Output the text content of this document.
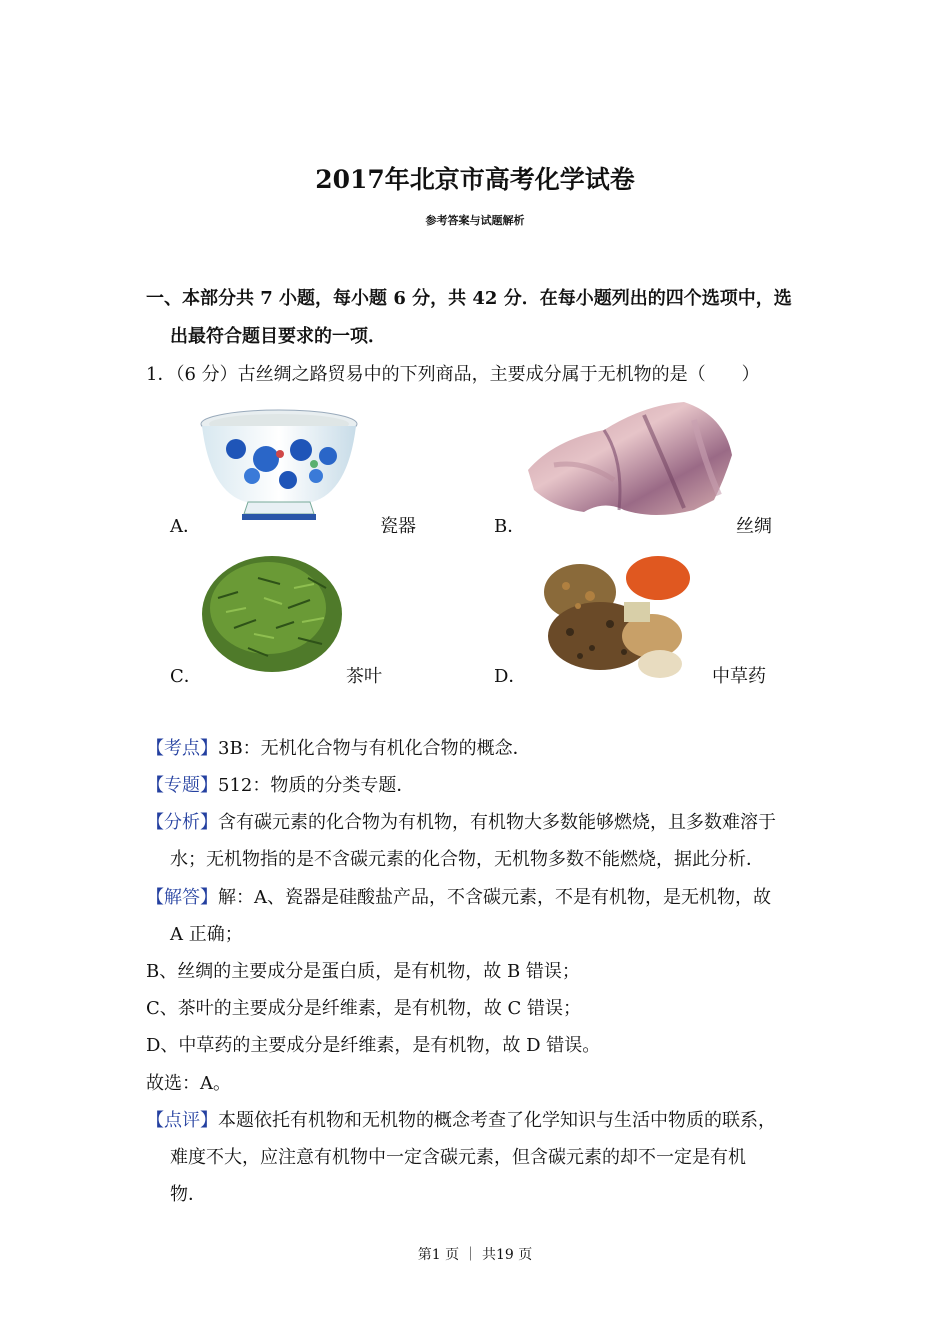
2017年北京市高考化学试卷
参考答案与试题解析
一、本部分共 7 小题，每小题 6 分，共 42 分．在每小题列出的四个选项中，选
出最符合题目要求的一项．
1．（6 分）古丝绸之路贸易中的下列商品，主要成分属于无机物的是（　　）
A．	瓷器	B．	丝绸
C．	茶叶	D．	中草药
【考点】3B：无机化合物与有机化合物的概念．
【专题】512：物质的分类专题．
【分析】含有碳元素的化合物为有机物，有机物大多数能够燃烧，且多数难溶于
水；无机物指的是不含碳元素的化合物，无机物多数不能燃烧，据此分析．
【解答】解：A、瓷器是硅酸盐产品，不含碳元素，不是有机物，是无机物，故
A 正确；
B、丝绸的主要成分是蛋白质，是有机物，故 B 错误；
C、茶叶的主要成分是纤维素，是有机物，故 C 错误；
D、中草药的主要成分是纤维素，是有机物，故 D 错误。
故选：A。
【点评】本题依托有机物和无机物的概念考查了化学知识与生活中物质的联系，
难度不大，应注意有机物中一定含碳元素，但含碳元素的却不一定是有机
物．
第1 页 ｜ 共19 页
